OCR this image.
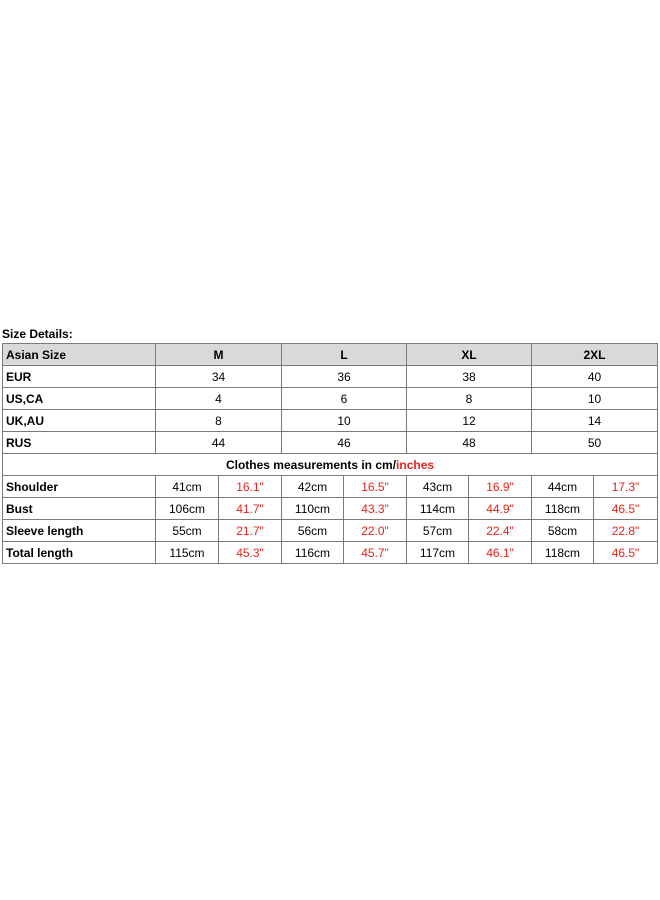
Size Details:
Asian Size	M		L		XL		2XL	
EUR	34		36		38		40	
US,CA	4		6		8		10	
UK,AU	8		10		12		14	
RUS	44		46		48		50	
Clothes measurements in cm/inches								
Shoulder	41cm	16.1"	42cm	16.5"	43cm	16.9"	44cm	17.3"
Bust	106cm	41.7"	110cm	43.3"	114cm	44.9"	118cm	46.5"
Sleeve length	55cm	21.7"	56cm	22.0"	57cm	22.4"	58cm	22.8"
Total length	115cm	45.3"	116cm	45.7"	117cm	46.1"	118cm	46.5"
